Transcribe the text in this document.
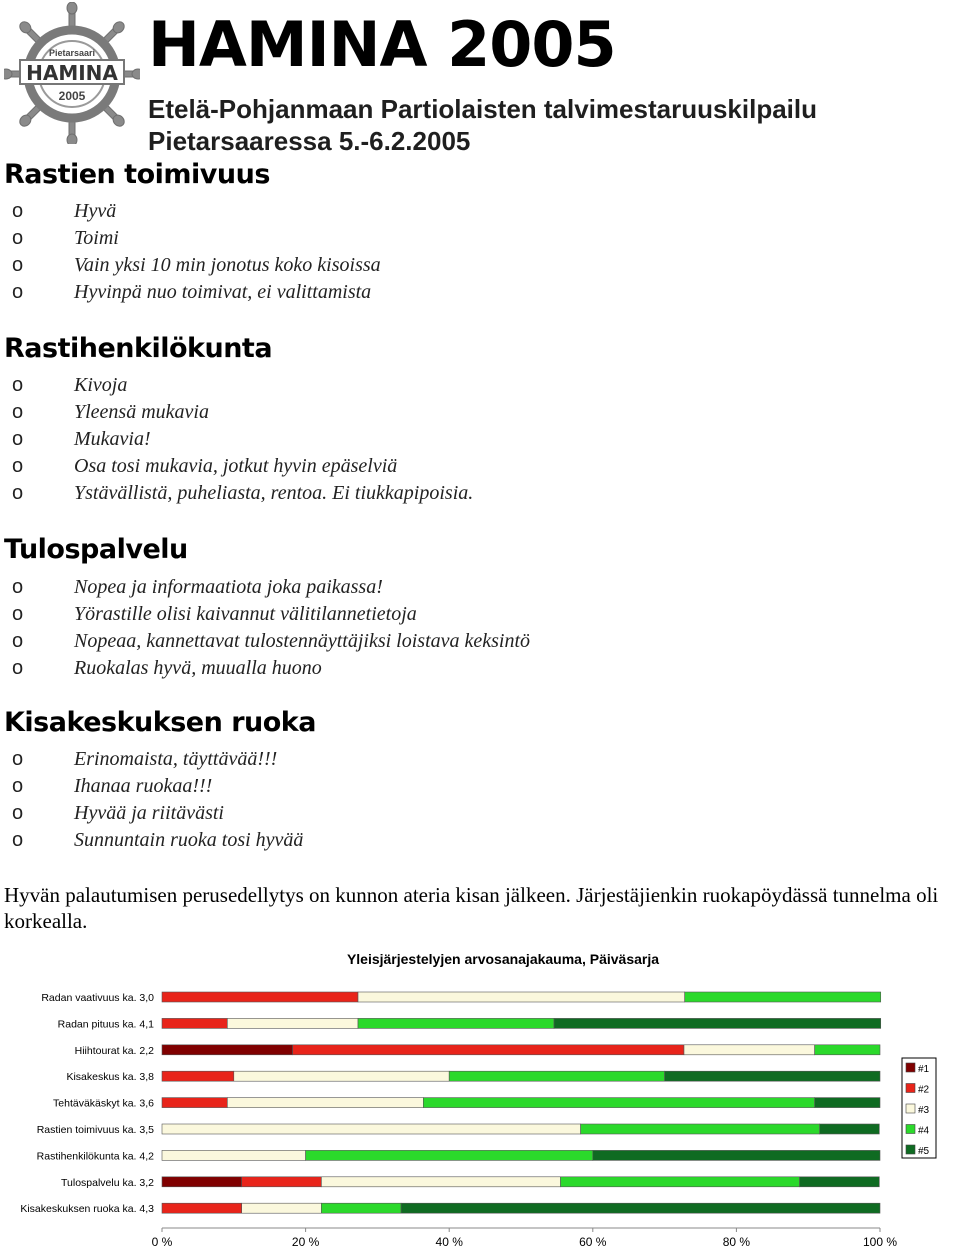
Pietarsaari
HAMINA
2005
HAMINA 2005
Etelä-Pohjanmaan Partiolaisten talvimestaruuskilpailu
Pietarsaaressa 5.-6.2.2005
Rastien toimivuus
o	Hyvä
o	Toimi
o	Vain yksi 10 min jonotus koko kisoissa
o	Hyvinpä nuo toimivat, ei valittamista
Rastihenkilökunta
o	Kivoja
o	Yleensä mukavia
o	Mukavia!
o	Osa tosi mukavia, jotkut hyvin epäselviä
o	Ystävällistä, puheliasta, rentoa. Ei tiukkapipoisia.
Tulospalvelu
o	Nopea ja informaatiota joka paikassa!
o	Yörastille olisi kaivannut välitilannetietoja
o	Nopeaa, kannettavat tulostennäyttäjiksi loistava keksintö
o	Ruokalas hyvä, muualla huono
Kisakeskuksen ruoka
o	Erinomaista, täyttävää!!!
o	Ihanaa ruokaa!!!
o	Hyvää ja riitävästi
o	Sunnuntain ruoka tosi hyvää

Hyvän palautumisen perusedellytys on kunnon ateria kisan jälkeen. Järjestäjienkin ruokapöydässä tunnelma oli korkealla.

Yleisjärjestelyjen arvosanajakauma, Päiväsarja
Radan vaativuus ka. 3,0
Radan pituus ka. 4,1
Hiihtourat ka. 2,2
Kisakeskus ka. 3,8
Tehtäväkäskyt ka. 3,6
Rastien toimivuus ka. 3,5
Rastihenkilökunta ka. 4,2
Tulospalvelu ka. 3,2
Kisakeskuksen ruoka ka. 4,3
0 %	20 %	40 %	60 %	80 %	100 %
#1
#2
#3
#4
#5
